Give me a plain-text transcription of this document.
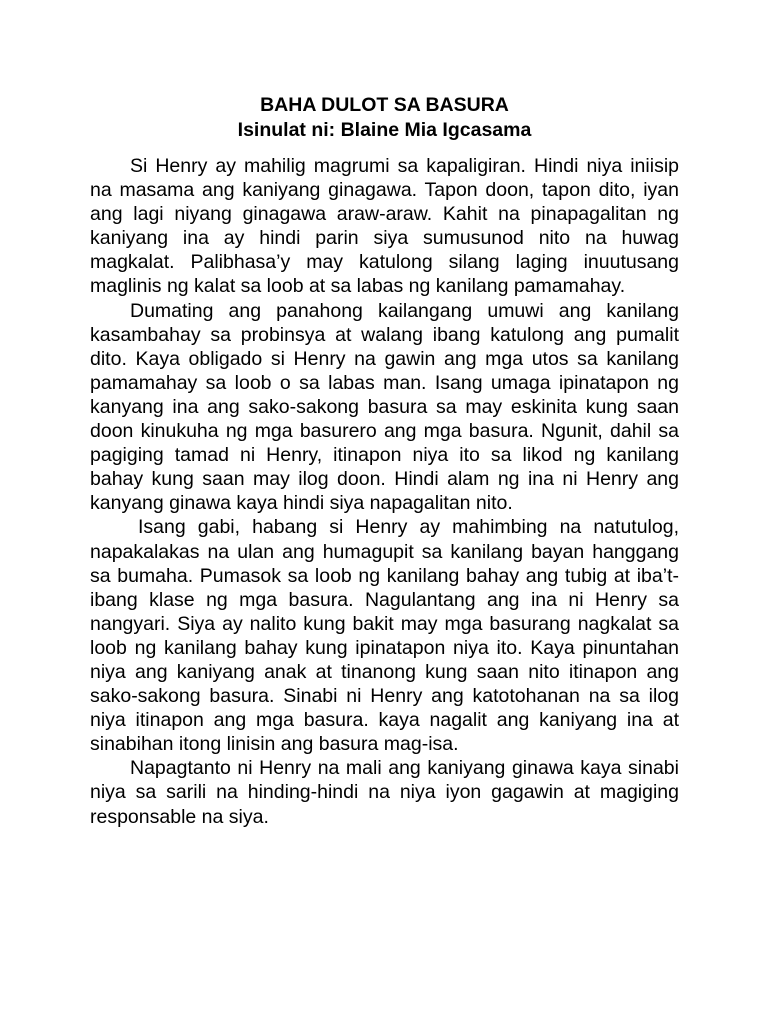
BAHA DULOT SA BASURA
Isinulat ni: Blaine Mia Igcasama

Si Henry ay mahilig magrumi sa kapaligiran. Hindi niya iniisip na masama ang kaniyang ginagawa. Tapon doon, tapon dito, iyan ang lagi niyang ginagawa araw-araw. Kahit na pinapagalitan ng kaniyang ina ay hindi parin siya sumusunod nito na huwag magkalat. Palibhasa’y may katulong silang laging inuutusang maglinis ng kalat sa loob at sa labas ng kanilang pamamahay.

Dumating ang panahong kailangang umuwi ang kanilang kasambahay sa probinsya at walang ibang katulong ang pumalit dito. Kaya obligado si Henry na gawin ang mga utos sa kanilang pamamahay sa loob o sa labas man. Isang umaga ipinatapon ng kanyang ina ang sako-sakong basura sa may eskinita kung saan doon kinukuha ng mga basurero ang mga basura. Ngunit, dahil sa pagiging tamad ni Henry, itinapon niya ito sa likod ng kanilang bahay kung saan may ilog doon. Hindi alam ng ina ni Henry ang kanyang ginawa kaya hindi siya napagalitan nito.

Isang gabi, habang si Henry ay mahimbing na natutulog, napakalakas na ulan ang humagupit sa kanilang bayan hanggang sa bumaha. Pumasok sa loob ng kanilang bahay ang tubig at iba’t-ibang klase ng mga basura. Nagulantang ang ina ni Henry sa nangyari. Siya ay nalito kung bakit may mga basurang nagkalat sa loob ng kanilang bahay kung ipinatapon niya ito. Kaya pinuntahan niya ang kaniyang anak at tinanong kung saan nito itinapon ang sako-sakong basura. Sinabi ni Henry ang katotohanan na sa ilog niya itinapon ang mga basura. kaya nagalit ang kaniyang ina at sinabihan itong linisin ang basura mag-isa.

Napagtanto ni Henry na mali ang kaniyang ginawa kaya sinabi niya sa sarili na hinding-hindi na niya iyon gagawin at magiging responsable na siya.
